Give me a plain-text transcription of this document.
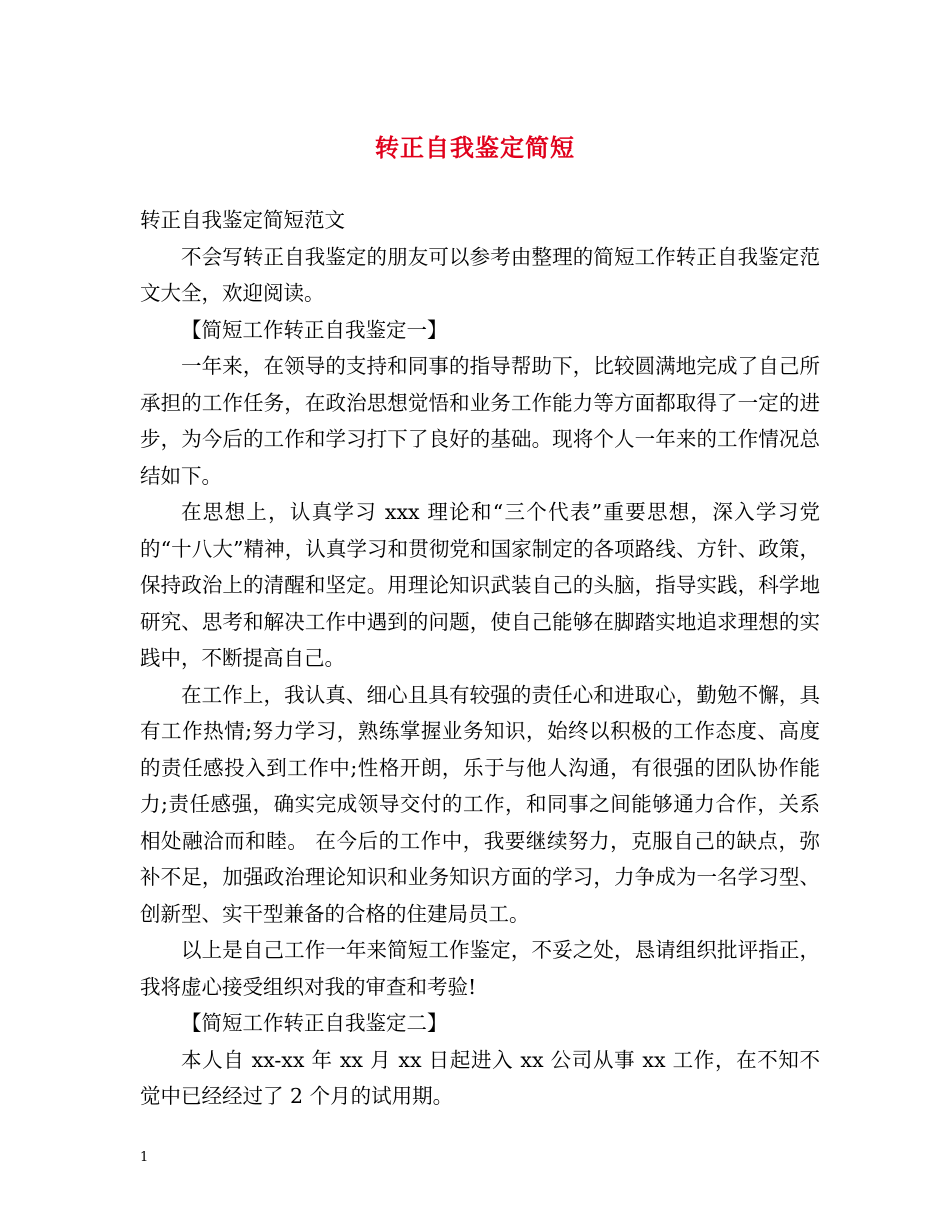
转正自我鉴定简短

转正自我鉴定简短范文

不会写转正自我鉴定的朋友可以参考由整理的简短工作转正自我鉴定范文大全，欢迎阅读。

【简短工作转正自我鉴定一】

一年来，在领导的支持和同事的指导帮助下，比较圆满地完成了自己所承担的工作任务，在政治思想觉悟和业务工作能力等方面都取得了一定的进步，为今后的工作和学习打下了良好的基础。现将个人一年来的工作情况总结如下。

在思想上，认真学习 xxx 理论和“三个代表”重要思想，深入学习党的“十八大”精神，认真学习和贯彻党和国家制定的各项路线、方针、政策，保持政治上的清醒和坚定。用理论知识武装自己的头脑，指导实践，科学地研究、思考和解决工作中遇到的问题，使自己能够在脚踏实地追求理想的实践中，不断提高自己。

在工作上，我认真、细心且具有较强的责任心和进取心，勤勉不懈，具有工作热情;努力学习，熟练掌握业务知识，始终以积极的工作态度、高度的责任感投入到工作中;性格开朗，乐于与他人沟通，有很强的团队协作能力;责任感强，确实完成领导交付的工作，和同事之间能够通力合作，关系相处融洽而和睦。 在今后的工作中，我要继续努力，克服自己的缺点，弥补不足，加强政治理论知识和业务知识方面的学习，力争成为一名学习型、创新型、实干型兼备的合格的住建局员工。

以上是自己工作一年来简短工作鉴定，不妥之处，恳请组织批评指正，我将虚心接受组织对我的审查和考验!

【简短工作转正自我鉴定二】

本人自 xx-xx 年 xx 月 xx 日起进入 xx 公司从事 xx 工作，在不知不觉中已经经过了 2 个月的试用期。

1
